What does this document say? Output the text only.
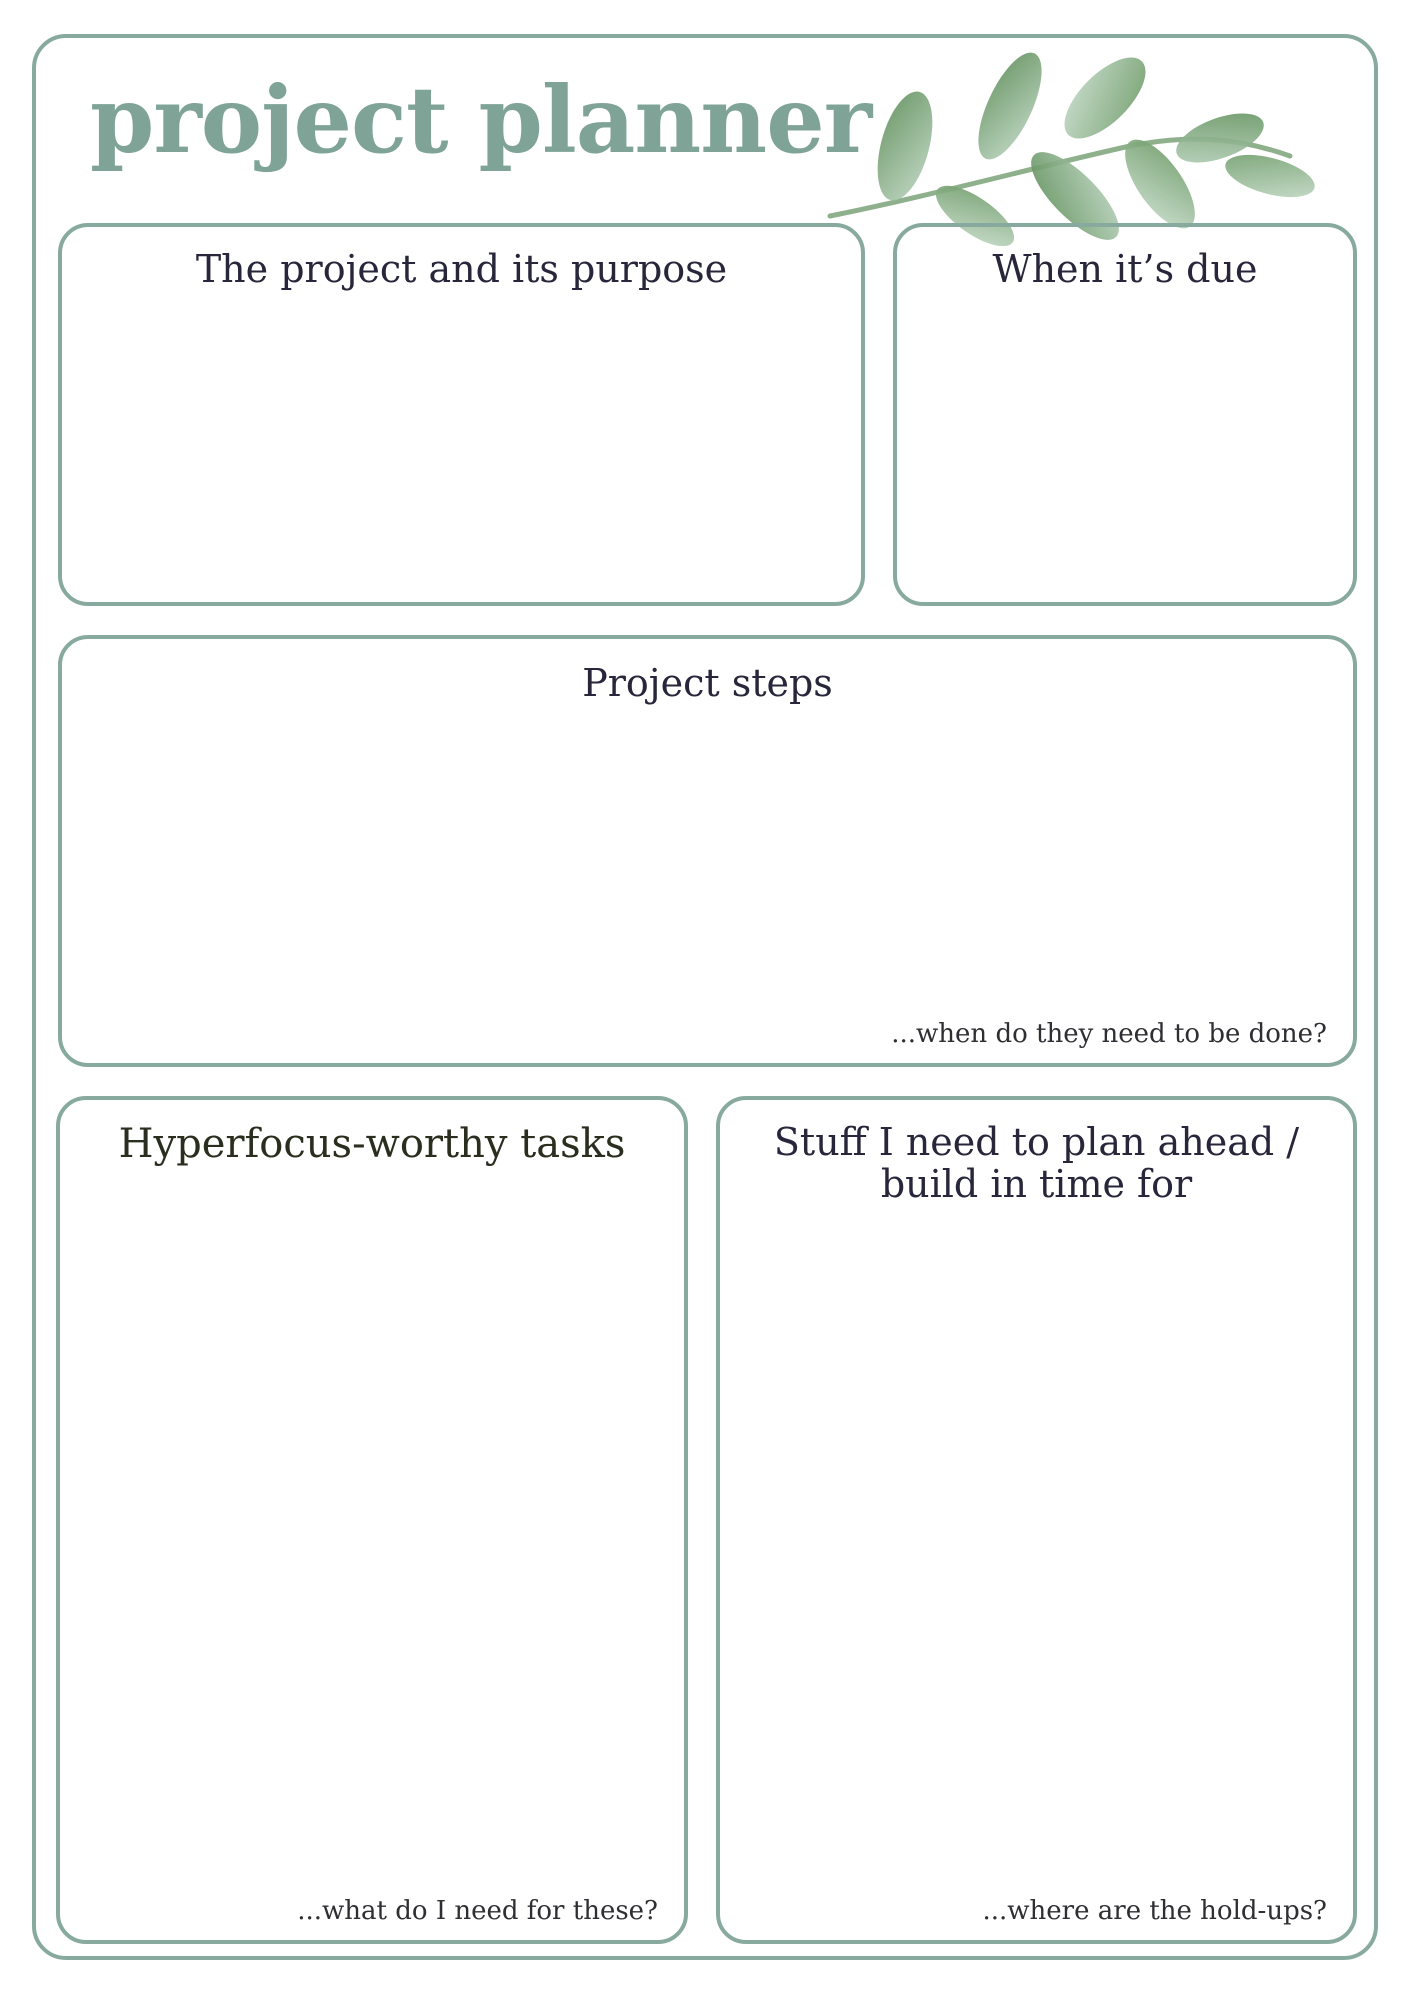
project planner
The project and its purpose	When it’s due
Project steps
...when do they need to be done?
Hyperfocus-worthy tasks
...what do I need for these?
Stuff I need to plan ahead /
build in time for
...where are the hold-ups?
